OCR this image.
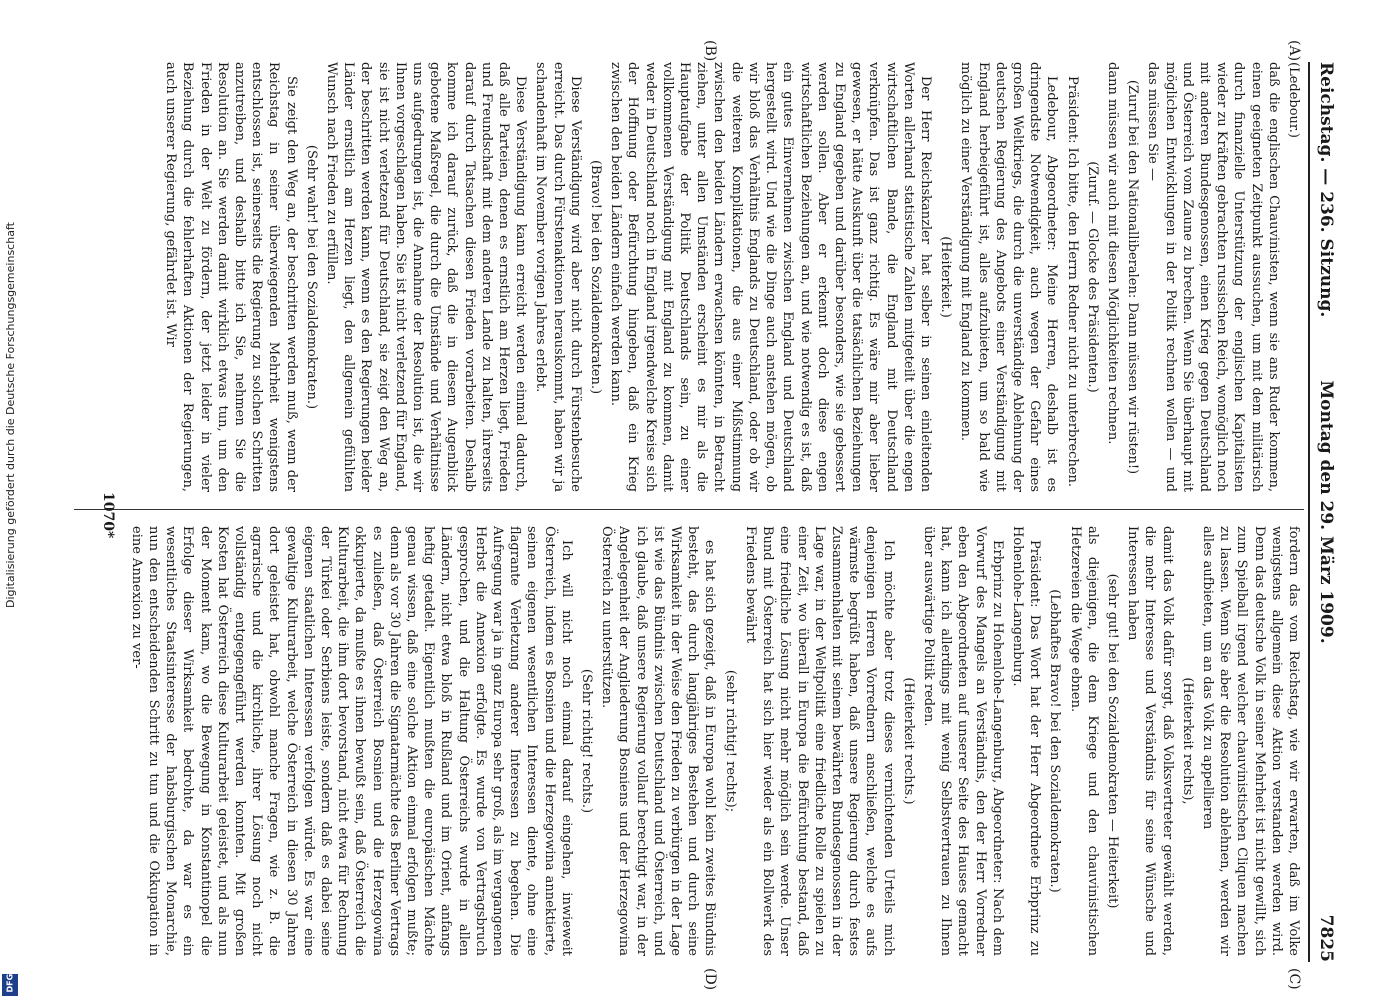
Reichstag. — 236. Sitzung.
Montag den 29. März 1909.
7825
(A)
(B)
(C)
(D)

(Ledebour.)

daß die englischen Chauvinisten, wenn sie ans Ruder kommen, einen geeigneten Zeitpunkt aussuchen, um mit dem militärisch durch finanzielle Unterstützung der englischen Kapitalisten wieder zu Kräften gebrachten russischen Reich, womöglich noch mit anderen Bundesgenossen, einen Krieg gegen Deutschland und Österreich vom Zaune zu brechen. Wenn Sie überhaupt mit möglichen Entwicklungen in der Politik rechnen wollen — und das müssen Sie —

(Zuruf bei den Nationalliberalen: Dann müssen wir rüsten!)

dann müssen wir auch mit diesen Möglichkeiten rechnen.

(Zuruf. — Glocke des Präsidenten.)

Präsident: Ich bitte, den Herrn Redner nicht zu unterbrechen.

Ledebour, Abgeordneter: Meine Herren, deshalb ist es dringendste Notwendigkeit, auch wegen der Gefahr eines großen Weltkriegs, die durch die unverständige Ablehnung der deutschen Regierung des Angebots einer Verständigung mit England herbeigeführt ist, alles aufzubieten, um so bald wie möglich zu einer Verständigung mit England zu kommen.

(Heiterkeit.)

Der Herr Reichskanzler hat selber in seinen einleitenden Worten allerhand statistische Zahlen mitgeteilt über die engen wirtschaftlichen Bande, die England mit Deutschland verknüpfen. Das ist ganz richtig. Es wäre mir aber lieber gewesen, er hätte Auskunft über die tatsächlichen Beziehungen zu England gegeben und darüber besonders, wie sie gebessert werden sollen. Aber er erkennt doch diese engen wirtschaftlichen Beziehungen an, und wie notwendig es ist, daß ein gutes Einvernehmen zwischen England und Deutschland hergestellt wird. Und wie die Dinge auch anstehen mögen, ob wir bloß das Verhältnis Englands zu Deutschland, oder ob wir die weiteren Komplikationen, die aus einer Mißstimmung zwischen den beiden Ländern erwachsen könnten, in Betracht ziehen, unter allen Umständen erscheint es mir als die Hauptaufgabe der Politik Deutschlands sein, zu einer vollkommenen Verständigung mit England zu kommen, damit weder in Deutschland noch in England irgendwelche Kreise sich der Hoffnung oder Befürchtung hingeben, daß ein Krieg zwischen den beiden Ländern einfach werden kann.

(Bravo! bei den Sozialdemokraten.)

Diese Verständigung wird aber nicht durch Fürstenbesuche erreicht. Das durch Fürstenaktionen herauskommt, haben wir ja schandenhaft im November vorigen Jahres erlebt.

Diese Verständigung kann erreicht werden einmal dadurch, daß alle Parteien, denen es ernstlich am Herzen liegt, Frieden und Freundschaft mit dem anderen Lande zu halten, ihrerseits darauf durch Tatsachen diesen Frieden vorarbeiten. Deshalb komme ich darauf zurück, daß die in diesem Augenblick gebotene Maßregel, die durch die Umstände und Verhältnisse uns aufgedrungen ist, die Annahme der Resolution ist, die wir Ihnen vorgeschlagen haben. Sie ist nicht verletzend für England, sie ist nicht verletzend für Deutschland, sie zeigt den Weg an, der beschritten werden kann, wenn es den Regierungen beider Länder ernstlich am Herzen liegt, den allgemein gefühlten Wunsch nach Frieden zu erfüllen.

(Sehr wahr! bei den Sozialdemokraten.)

Sie zeigt den Weg an, der beschritten werden muß, wenn der Reichstag in seiner überwiegenden Mehrheit wenigstens entschlossen ist, seinerseits die Regierung zu solchen Schritten anzutreiben, und deshalb bitte ich Sie, nehmen Sie die Resolution an. Sie werden damit wirklich etwas tun, um den Frieden in der Welt zu fördern, der jetzt leider in vieler Beziehung durch die fehlerhaften Aktionen der Regierungen, auch unserer Regierung, gefährdet ist. Wir

fordern das vom Reichstag, wie wir erwarten, daß im Volke wenigstens allgemein diese Aktion verstanden werden wird. Denn das deutsche Volk in seiner Mehrheit ist nicht gewillt, sich zum Spielball irgend welcher chauvinistischen Cliquen machen zu lassen. Wenn Sie aber die Resolution ablehnen, werden wir alles aufbieten, um an das Volk zu appellieren

(Heiterkeit rechts),

damit das Volk dafür sorgt, daß Volksvertreter gewählt werden, die mehr Interesse und Verständnis für seine Wünsche und Interessen haben

(sehr gut! bei den Sozialdemokraten — Heiterkeit)

als diejenigen, die dem Kriege und den chauvinistischen Hetzereien die Wege ebnen.

(Lebhaftes Bravo! bei den Sozialdemokraten.)

Präsident: Das Wort hat der Herr Abgeordnete Erbprinz zu Hohenlohe-Langenburg.

Erbprinz zu Hohenlohe-Langenburg, Abgeordneter: Nach dem Vorwurf des Mangels an Verständnis, den der Herr Vorredner eben den Abgeordneten auf unserer Seite des Hauses gemacht hat, kann ich allerdings mit wenig Selbstvertrauen zu Ihnen über auswärtige Politik reden.

(Heiterkeit rechts.)

Ich möchte aber trotz dieses vernichtenden Urteils mich denjenigen Herren Vorrednern anschließen, welche es aufs wärmste begrüßt haben, daß unsere Regierung durch festes Zusammenhalten mit seinem bewährten Bundesgenossen in der Lage war, in der Weltpolitik eine friedliche Rolle zu spielen zu einer Zeit, wo überall in Europa die Befürchtung bestand, daß eine friedliche Lösung nicht mehr möglich sein werde. Unser Bund mit Österreich hat sich hier wieder als ein Bollwerk des Friedens bewährt

(sehr richtig! rechts);

es hat sich gezeigt, daß in Europa wohl kein zweites Bündnis besteht, das durch langjähriges Bestehen und durch seine Wirksamkeit in der Weise den Frieden zu verbürgen in der Lage ist wie das Bündnis zwischen Deutschland und Österreich, und ich glaube, daß unsere Regierung vollauf berechtigt war, in der Angelegenheit der Angliederung Bosniens und der Herzegowina Österreich zu unterstützen.

(Sehr richtig! rechts.)

Ich will nicht noch einmal darauf eingehen, inwieweit Österreich, indem es Bosnien und die Herzegowina annektierte, seinen eigenen wesentlichen Interessen diente, ohne eine flagrante Verletzung anderer Interessen zu begehen. Die Aufregung war ja in ganz Europa sehr groß, als im vergangenen Herbst die Annexion erfolgte. Es wurde von Vertragsbruch gesprochen, und die Haltung Österreichs wurde in allen Ländern, nicht etwa bloß in Rußland und im Orient, anfangs heftig getadelt. Eigentlich mußten die europäischen Mächte genau wissen, daß eine solche Aktion einmal erfolgen mußte; denn als vor 30 Jahren die Signatarmächte des Berliner Vertrags es zuließen, daß Österreich Bosnien und die Herzegowina okkupierte, da mußte es ihnen bewußt sein, daß Österreich die Kulturarbeit, die ihm dort bevorstand, nicht etwa für Rechnung der Türkei oder Serbiens leiste, sondern daß es dabei seine eigenen staatlichen Interessen verfolgen würde. Es war eine gewaltige Kulturarbeit, welche Österreich in diesen 30 Jahren dort geleistet hat, obwohl manche Fragen, wie z. B. die agrarische und die kirchliche, ihrer Lösung noch nicht vollständig entgegengeführt werden konnten. Mit großen Kosten hat Österreich diese Kulturarbeit geleistet, und als nun der Moment kam, wo die Bewegung in Konstantinopel die Erfolge dieser Wirksamkeit bedrohte, da war es ein wesentliches Staatsinteresse der habsburgischen Monarchie, nun den entscheidenden Schritt zu tun und die Okkupation in eine Annexion zu ver-

1070*
Digitalisierung gefördert durch die Deutsche Forschungsgemeinschaft
DFG
